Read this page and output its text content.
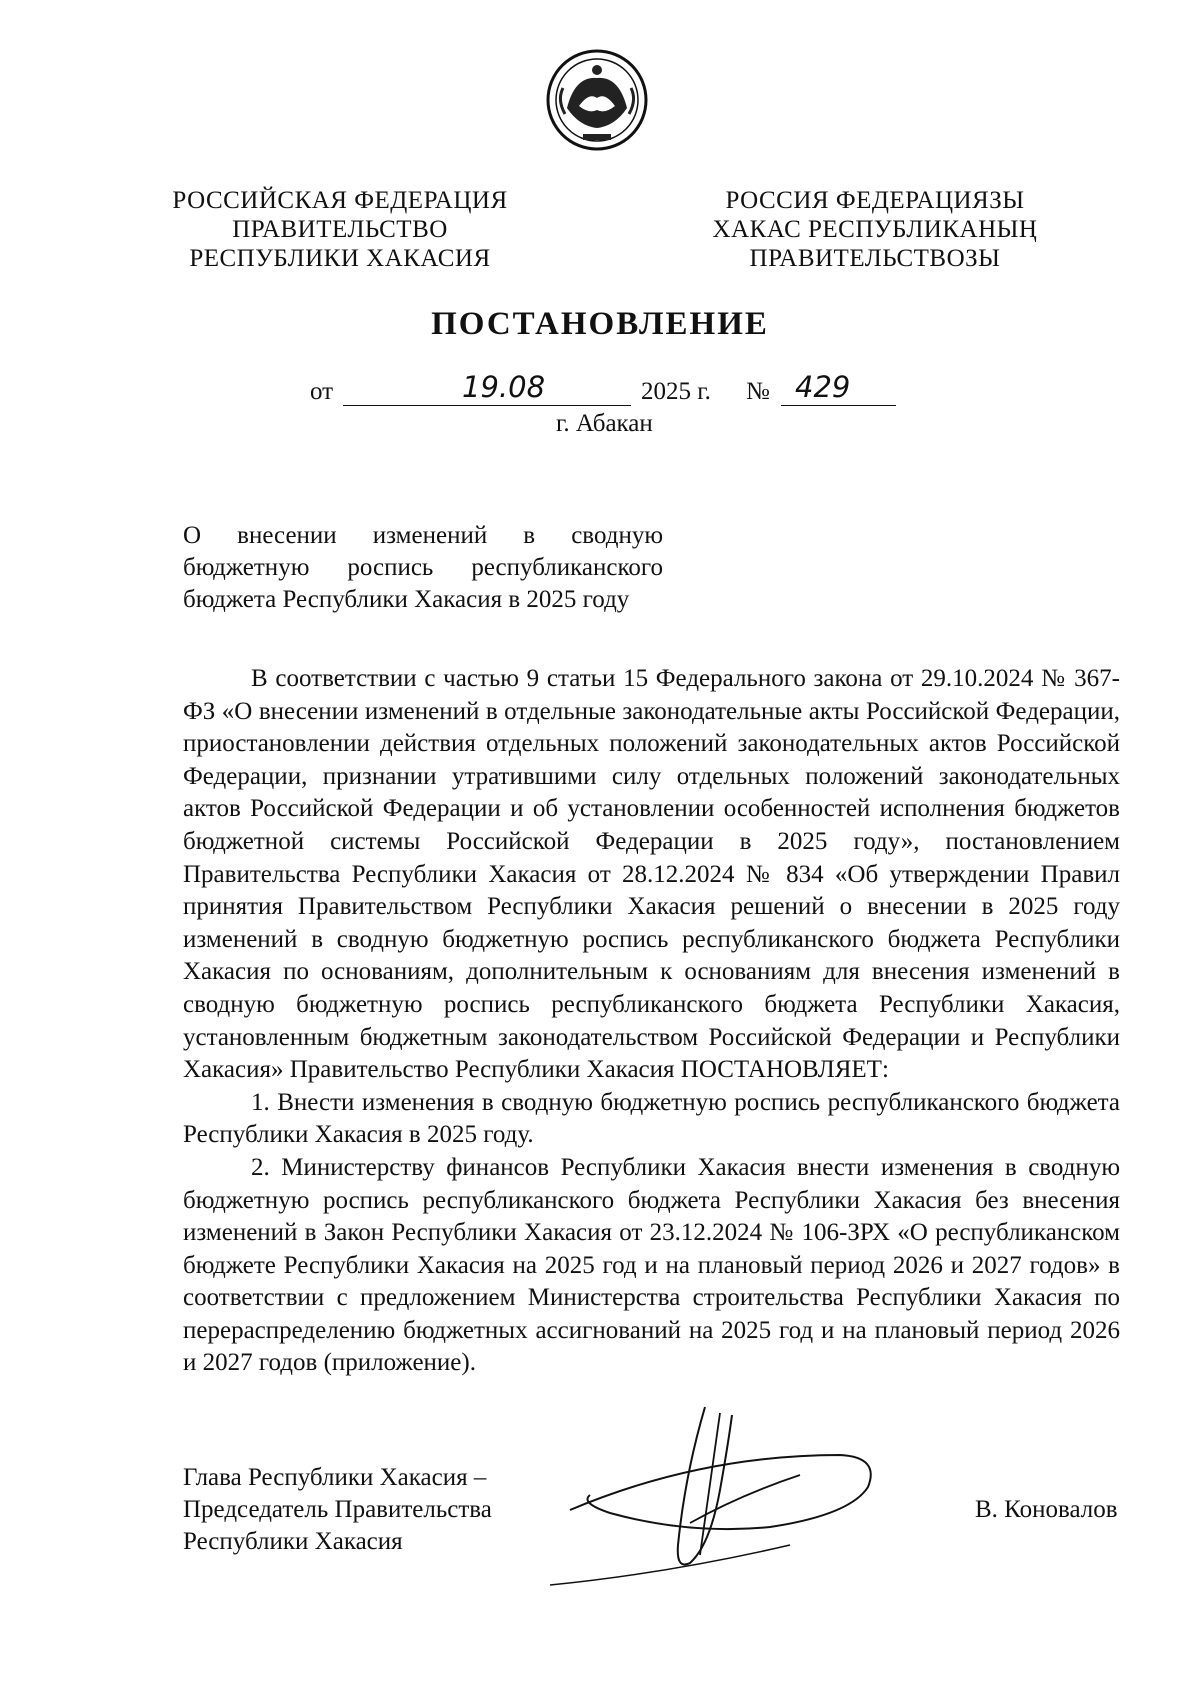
РОССИЙСКАЯ ФЕДЕРАЦИЯ
ПРАВИТЕЛЬСТВО
РЕСПУБЛИКИ ХАКАСИЯ
РОССИЯ ФЕДЕРАЦИЯЗЫ
ХАКАС РЕСПУБЛИКАНЫҢ
ПРАВИТЕЛЬСТВОЗЫ
ПОСТАНОВЛЕНИЕ
от	19.08	2025 г. № 429
г. Абакан
О внесении изменений в сводную
бюджетную роспись республиканского
бюджета Республики Хакасия в 2025 году

В соответствии с частью 9 статьи 15 Федерального закона от 29.10.2024 № 367-ФЗ «О внесении изменений в отдельные законодательные акты Российской Федерации, приостановлении действия отдельных положений законодательных актов Российской Федерации, признании утратившими силу отдельных положений законодательных актов Российской Федерации и об установлении особенностей исполнения бюджетов бюджетной системы Российской Федерации в 2025 году», постановлением Правительства Республики Хакасия от 28.12.2024 № 834 «Об утверждении Правил принятия Правительством Республики Хакасия решений о внесении в 2025 году изменений в сводную бюджетную роспись республиканского бюджета Республики Хакасия по основаниям, дополнительным к основаниям для внесения изменений в сводную бюджетную роспись республиканского бюджета Республики Хакасия, установленным бюджетным законодательством Российской Федерации и Республики Хакасия» Правительство Республики Хакасия ПОСТАНОВЛЯЕТ:

1. Внести изменения в сводную бюджетную роспись республиканского бюджета Республики Хакасия в 2025 году.

2. Министерству финансов Республики Хакасия внести изменения в сводную бюджетную роспись республиканского бюджета Республики Хакасия без внесения изменений в Закон Республики Хакасия от 23.12.2024 № 106-ЗРХ «О республиканском бюджете Республики Хакасия на 2025 год и на плановый период 2026 и 2027 годов» в соответствии с предложением Министерства строительства Республики Хакасия по перераспределению бюджетных ассигнований на 2025 год и на плановый период 2026 и 2027 годов (приложение).

Глава Республики Хакасия –
Председатель Правительства
Республики Хакасия
В. Коновалов
